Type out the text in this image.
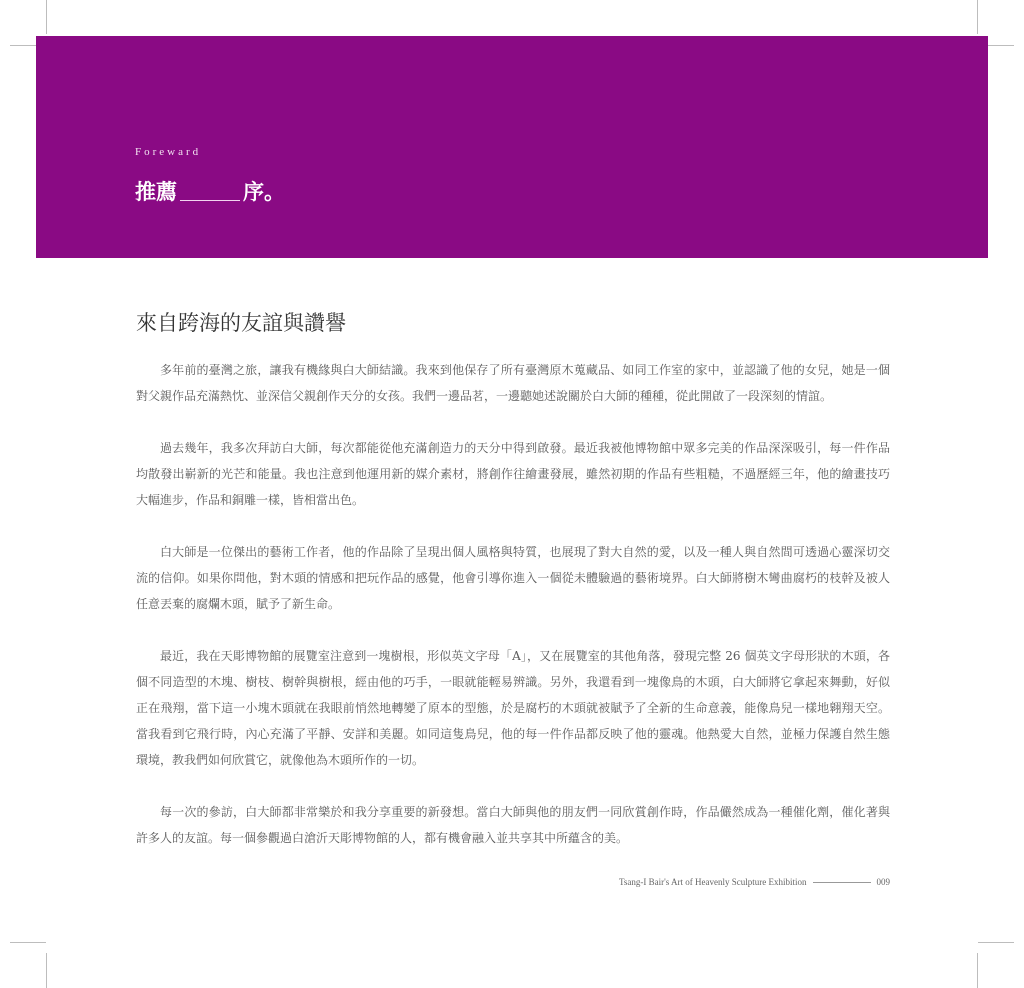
Foreward
推薦	序。
來自跨海的友誼與讚譽

多年前的臺灣之旅，讓我有機緣與白大師結識。我來到他保存了所有臺灣原木蒐藏品、如同工作室的家中，並認識了他的女兒，她是一個對父親作品充滿熱忱、並深信父親創作天分的女孩。我們一邊品茗，一邊聽她述說關於白大師的種種，從此開啟了一段深刻的情誼。

過去幾年，我多次拜訪白大師，每次都能從他充滿創造力的天分中得到啟發。最近我被他博物館中眾多完美的作品深深吸引，每一件作品均散發出嶄新的光芒和能量。我也注意到他運用新的媒介素材，將創作往繪畫發展，雖然初期的作品有些粗糙，不過歷經三年，他的繪畫技巧大幅進步，作品和銅雕一樣，皆相當出色。

白大師是一位傑出的藝術工作者，他的作品除了呈現出個人風格與特質，也展現了對大自然的愛，以及一種人與自然間可透過心靈深切交流的信仰。如果你問他，對木頭的情感和把玩作品的感覺，他會引導你進入一個從未體驗過的藝術境界。白大師將樹木彎曲腐朽的枝幹及被人任意丟棄的腐爛木頭，賦予了新生命。

最近，我在天彫博物館的展覽室注意到一塊樹根，形似英文字母「A」，又在展覽室的其他角落，發現完整 26 個英文字母形狀的木頭，各個不同造型的木塊、樹枝、樹幹與樹根，經由他的巧手，一眼就能輕易辨識。另外，我還看到一塊像鳥的木頭，白大師將它拿起來舞動，好似正在飛翔，當下這一小塊木頭就在我眼前悄然地轉變了原本的型態，於是腐朽的木頭就被賦予了全新的生命意義，能像鳥兒一樣地翱翔天空。當我看到它飛行時，內心充滿了平靜、安詳和美麗。如同這隻鳥兒，他的每一件作品都反映了他的靈魂。他熱愛大自然，並極力保護自然生態環境，教我們如何欣賞它，就像他為木頭所作的一切。

每一次的參訪，白大師都非常樂於和我分享重要的新發想。當白大師與他的朋友們一同欣賞創作時，作品儼然成為一種催化劑，催化著與許多人的友誼。每一個參觀過白滄沂天彫博物館的人，都有機會融入並共享其中所蘊含的美。

Tsang-I Bair's Art of Heavenly Sculpture Exhibition	009
